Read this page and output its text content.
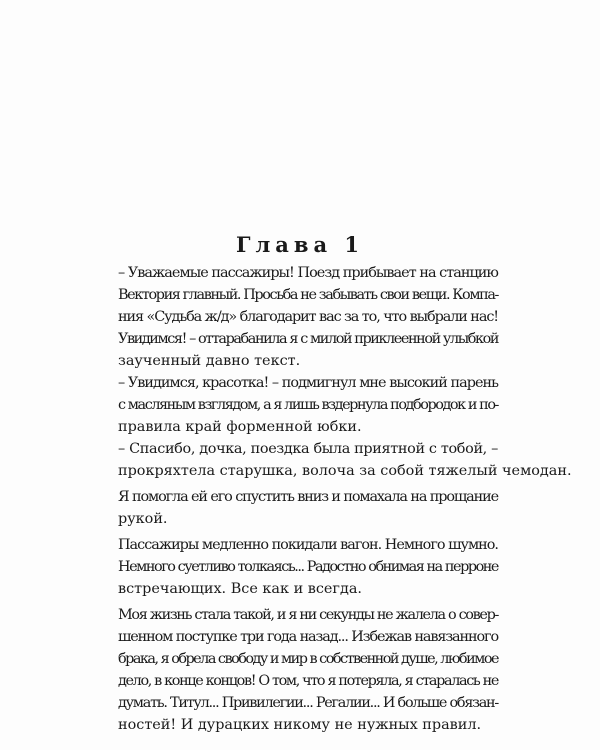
Глава 1

– Уважаемые пассажиры! Поезд прибывает на станцию
Вектория главный. Просьба не забывать свои вещи. Компа-
ния «Судьба ж/д» благодарит вас за то, что выбрали нас!
Увидимся! – оттарабанила я с милой приклеенной улыбкой
заученный давно текст.

– Увидимся, красотка! – подмигнул мне высокий парень
с масляным взглядом, а я лишь вздернула подбородок и по-
правила край форменной юбки.

– Спасибо, дочка, поездка была приятной с тобой, –
прокряхтела старушка, волоча за собой тяжелый чемодан.

Я помогла ей его спустить вниз и помахала на прощание
рукой.

Пассажиры медленно покидали вагон. Немного шумно.
Немного суетливо толкаясь... Радостно обнимая на перроне
встречающих. Все как и всегда.

Моя жизнь стала такой, и я ни секунды не жалела о совер-
шенном поступке три года назад... Избежав навязанного
брака, я обрела свободу и мир в собственной душе, любимое
дело, в конце концов! О том, что я потеряла, я старалась не
думать. Титул... Привилегии... Регалии... И больше обязан-
ностей! И дурацких никому не нужных правил.
